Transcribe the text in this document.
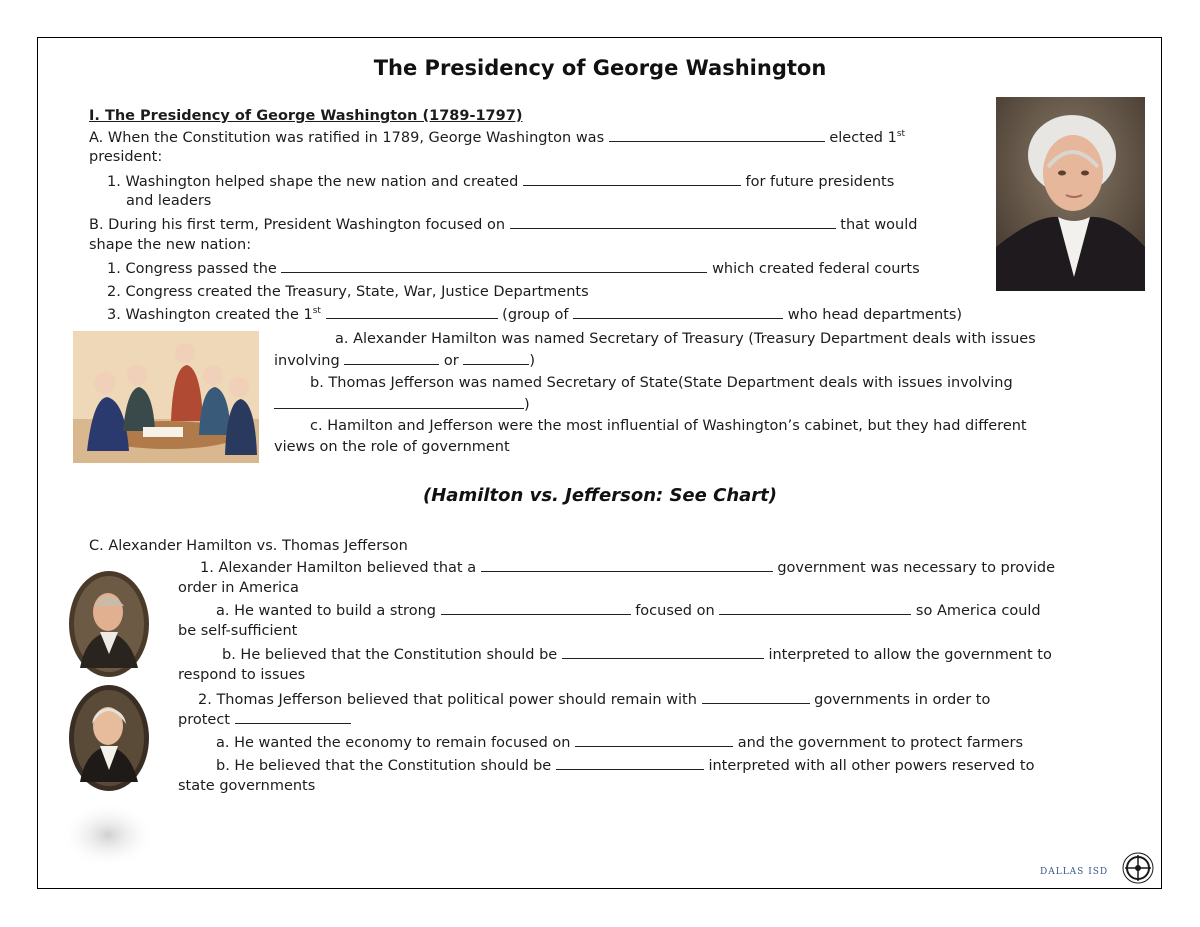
The Presidency of George Washington
I. The Presidency of George Washington (1789-1797)
A. When the Constitution was ratified in 1789, George Washington was	elected 1st
president:
1. Washington helped shape the new nation and created	for future presidents
and leaders
B. During his first term, President Washington focused on	that would
shape the new nation:
1. Congress passed the	which created federal courts
2. Congress created the Treasury, State, War, Justice Departments
3. Washington created the 1st	(group of	who head departments)
a. Alexander Hamilton was named Secretary of Treasury (Treasury Department deals with issues
involving	or	)
b. Thomas Jefferson was named Secretary of State(State Department deals with issues involving
)
c. Hamilton and Jefferson were the most influential of Washington’s cabinet, but they had different
views on the role of government
(Hamilton vs. Jefferson: See Chart)
C. Alexander Hamilton vs. Thomas Jefferson
1. Alexander Hamilton believed that a	government was necessary to provide
order in America
a. He wanted to build a strong	focused on	so America could
be self-sufficient
b. He believed that the Constitution should be	interpreted to allow the government to
respond to issues
2. Thomas Jefferson believed that political power should remain with	governments in order to
protect
a. He wanted the economy to remain focused on	and the government to protect farmers
b. He believed that the Constitution should be	interpreted with all other powers reserved to
state governments
DALLAS ISD
